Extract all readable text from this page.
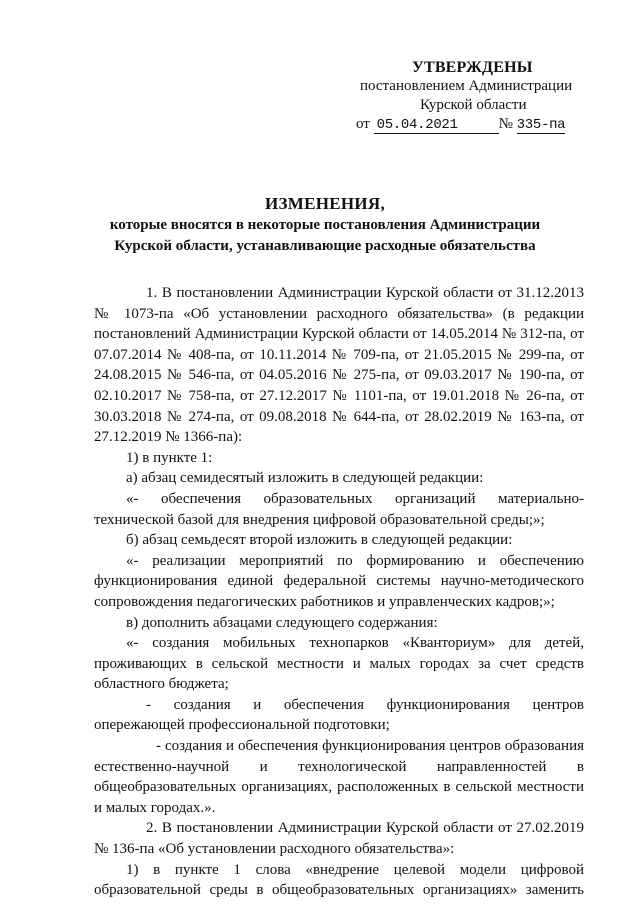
УТВЕРЖДЕНЫ
постановлением Администрации
Курской области
от 05.04.2021	№ 335-па
ИЗМЕНЕНИЯ,
которые вносятся в некоторые постановления Администрации
Курской области, устанавливающие расходные обязательства

1. В постановлении Администрации Курской области от 31.12.2013 № 1073-па «Об установлении расходного обязательства» (в редакции постановлений Администрации Курской области от 14.05.2014 № 312-па, от 07.07.2014 № 408-па, от 10.11.2014 № 709-па, от 21.05.2015 № 299-па, от 24.08.2015 № 546-па, от 04.05.2016 № 275-па, от 09.03.2017 № 190-па, от 02.10.2017 № 758-па, от 27.12.2017 № 1101-па, от 19.01.2018 № 26-па, от 30.03.2018 № 274-па, от 09.08.2018 № 644-па, от 28.02.2019 № 163-па, от 27.12.2019 № 1366-па):

1) в пункте 1:

а) абзац семидесятый изложить в следующей редакции:

«- обеспечения образовательных организаций материально-технической базой для внедрения цифровой образовательной среды;»;

б) абзац семьдесят второй изложить в следующей редакции:

«- реализации мероприятий по формированию и обеспечению функционирования единой федеральной системы научно-методического сопровождения педагогических работников и управленческих кадров;»;

в) дополнить абзацами следующего содержания:

«- создания мобильных технопарков «Кванториум» для детей, проживающих в сельской местности и малых городах за счет средств областного бюджета;

- создания и обеспечения функционирования центров опережающей профессиональной подготовки;

- создания и обеспечения функционирования центров образования естественно-научной и технологической направленностей в общеобразовательных организациях, расположенных в сельской местности и малых городах.».

2. В постановлении Администрации Курской области от 27.02.2019 № 136-па «Об установлении расходного обязательства»:

1) в пункте 1 слова «внедрение целевой модели цифровой образовательной среды в общеобразовательных организациях» заменить
